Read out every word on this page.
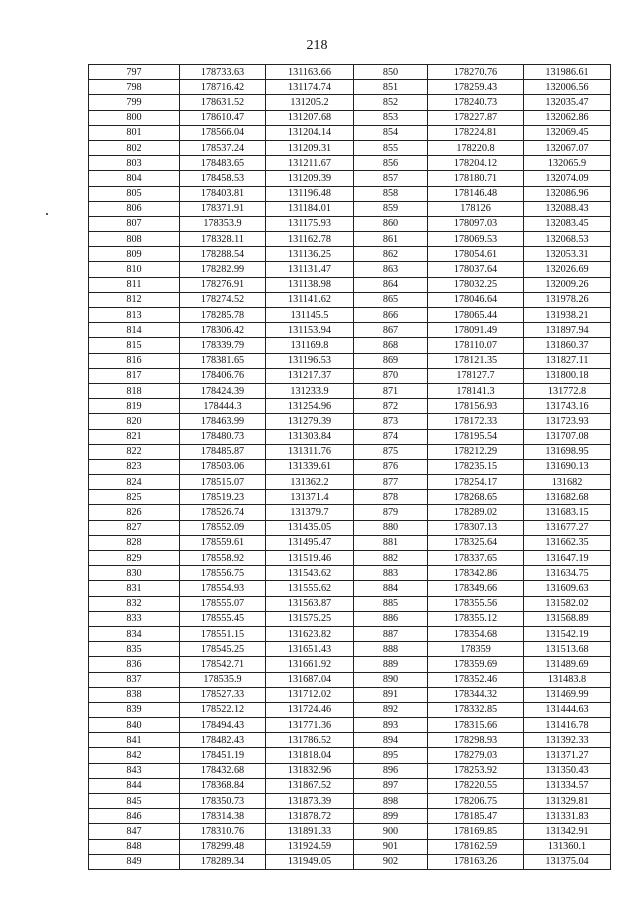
218
797	178733.63	131163.66	850	178270.76	131986.61
798	178716.42	131174.74	851	178259.43	132006.56
799	178631.52	131205.2	852	178240.73	132035.47
800	178610.47	131207.68	853	178227.87	132062.86
801	178566.04	131204.14	854	178224.81	132069.45
802	178537.24	131209.31	855	178220.8	132067.07
803	178483.65	131211.67	856	178204.12	132065.9
804	178458.53	131209.39	857	178180.71	132074.09
805	178403.81	131196.48	858	178146.48	132086.96
806	178371.91	131184.01	859	178126	132088.43
807	178353.9	131175.93	860	178097.03	132083.45
808	178328.11	131162.78	861	178069.53	132068.53
809	178288.54	131136.25	862	178054.61	132053.31
810	178282.99	131131.47	863	178037.64	132026.69
811	178276.91	131138.98	864	178032.25	132009.26
812	178274.52	131141.62	865	178046.64	131978.26
813	178285.78	131145.5	866	178065.44	131938.21
814	178306.42	131153.94	867	178091.49	131897.94
815	178339.79	131169.8	868	178110.07	131860.37
816	178381.65	131196.53	869	178121.35	131827.11
817	178406.76	131217.37	870	178127.7	131800.18
818	178424.39	131233.9	871	178141.3	131772.8
819	178444.3	131254.96	872	178156.93	131743.16
820	178463.99	131279.39	873	178172.33	131723.93
821	178480.73	131303.84	874	178195.54	131707.08
822	178485.87	131311.76	875	178212.29	131698.95
823	178503.06	131339.61	876	178235.15	131690.13
824	178515.07	131362.2	877	178254.17	131682
825	178519.23	131371.4	878	178268.65	131682.68
826	178526.74	131379.7	879	178289.02	131683.15
827	178552.09	131435.05	880	178307.13	131677.27
828	178559.61	131495.47	881	178325.64	131662.35
829	178558.92	131519.46	882	178337.65	131647.19
830	178556.75	131543.62	883	178342.86	131634.75
831	178554.93	131555.62	884	178349.66	131609.63
832	178555.07	131563.87	885	178355.56	131582.02
833	178555.45	131575.25	886	178355.12	131568.89
834	178551.15	131623.82	887	178354.68	131542.19
835	178545.25	131651.43	888	178359	131513.68
836	178542.71	131661.92	889	178359.69	131489.69
837	178535.9	131687.04	890	178352.46	131483.8
838	178527.33	131712.02	891	178344.32	131469.99
839	178522.12	131724.46	892	178332.85	131444.63
840	178494.43	131771.36	893	178315.66	131416.78
841	178482.43	131786.52	894	178298.93	131392.33
842	178451.19	131818.04	895	178279.03	131371.27
843	178432.68	131832.96	896	178253.92	131350.43
844	178368.84	131867.52	897	178220.55	131334.57
845	178350.73	131873.39	898	178206.75	131329.81
846	178314.38	131878.72	899	178185.47	131331.83
847	178310.76	131891.33	900	178169.85	131342.91
848	178299.48	131924.59	901	178162.59	131360.1
849	178289.34	131949.05	902	178163.26	131375.04
